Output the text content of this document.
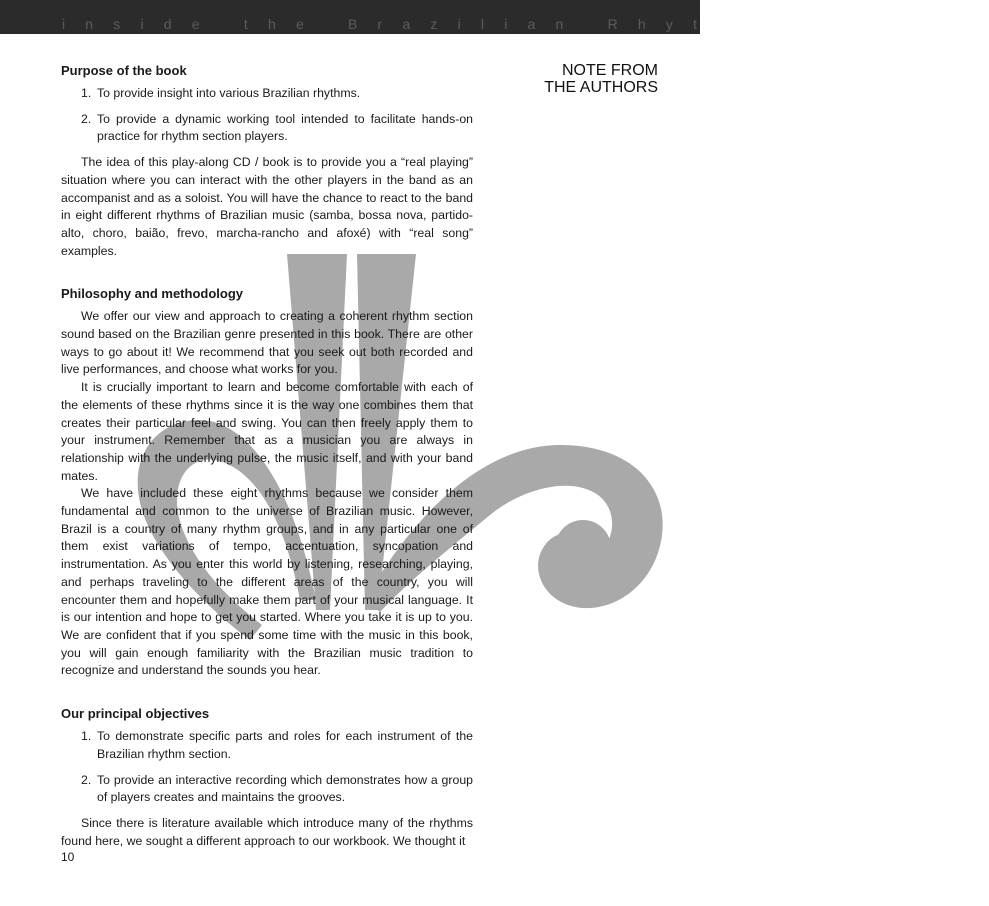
inside the Brazilian Rhythm Section
NOTE FROM
THE AUTHORS
Purpose of the book
1. To provide insight into various Brazilian rhythms.
2. To provide a dynamic working tool intended to facilitate hands-on practice for rhythm section players.

The idea of this play-along CD / book is to provide you a “real playing” situation where you can interact with the other players in the band as an accompanist and as a soloist. You will have the chance to react to the band in eight different rhythms of Brazilian music (samba, bossa nova, partido-alto, choro, baião, frevo, marcha-rancho and afoxé) with “real song” examples.

Philosophy and methodology

We offer our view and approach to creating a coherent rhythm section sound based on the Brazilian genre presented in this book. There are other ways to go about it! We recommend that you seek out both recorded and live performances, and choose what works for you.

It is crucially important to learn and become comfortable with each of the elements of these rhythms since it is the way one combines them that creates their particular feel and swing. You can then freely apply them to your instrument. Remember that as a musician you are always in relationship with the underlying pulse, the music itself, and with your band mates.

We have included these eight rhythms because we consider them fundamental and common to the universe of Brazilian music. However, Brazil is a country of many rhythm groups, and in any particular one of them exist variations of tempo, accentuation, syncopation and instrumentation. As you enter this world by listening, researching, playing, and perhaps traveling to the different areas of the country, you will encounter them and hopefully make them part of your musical language. It is our intention and hope to get you started. Where you take it is up to you. We are confident that if you spend some time with the music in this book, you will gain enough familiarity with the Brazilian music tradition to recognize and understand the sounds you hear.

Our principal objectives
1. To demonstrate specific parts and roles for each instrument of the Brazilian rhythm section.
2. To provide an interactive recording which demonstrates how a group of players creates and maintains the grooves.

Since there is literature available which introduce many of the rhythms found here, we sought a different approach to our workbook. We thought it

10
